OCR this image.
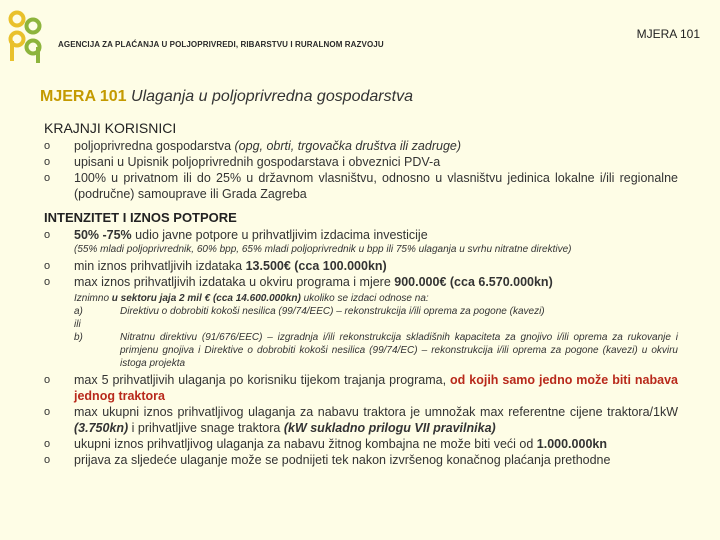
AGENCIJA ZA PLAĆANJA U POLJOPRIVREDI, RIBARSTVU I RURALNOM RAZVOJU
MJERA 101
MJERA 101 Ulaganja u poljoprivredna gospodarstva
KRAJNJI KORISNICI
o poljoprivredna gospodarstva (opg, obrti, trgovačka društva ili zadruge)
o upisani u Upisnik poljoprivrednih gospodarstava i obveznici PDV-a
o 100% u privatnom ili do 25% u državnom vlasništvu, odnosno u vlasništvu jedinica lokalne i/ili regionalne (područne) samouprave ili Grada Zagreba
INTENZITET I IZNOS POTPORE
o 50% -75% udio javne potpore u prihvatljivim izdacima investicije
(55% mladi poljoprivrednik, 60% bpp, 65% mladi poljoprivrednik u bpp ili 75% ulaganja u svrhu nitratne direktive)
o min iznos prihvatljivih izdataka 13.500€ (cca 100.000kn)
o max iznos prihvatljivih izdataka u okviru programa i mjere 900.000€ (cca 6.570.000kn)
Iznimno u sektoru jaja 2 mil € (cca 14.600.000kn) ukoliko se izdaci odnose na:
a)	Direktivu o dobrobiti kokoši nesilica (99/74/EEC) – rekonstrukcija i/ili oprema za pogone (kavezi)
ili
b)	Nitratnu direktivu (91/676/EEC) – izgradnja i/ili rekonstrukcija skladišnih kapaciteta za gnojivo i/ili oprema za rukovanje i primjenu gnojiva i Direktive o dobrobiti kokoši nesilica (99/74/EC) – rekonstrukcija i/ili oprema za pogone (kavezi) u okviru istoga projekta
o max 5 prihvatljivih ulaganja po korisniku tijekom trajanja programa, od kojih samo jedno može biti nabava jednog traktora
o max ukupni iznos prihvatljivog ulaganja za nabavu traktora je umnožak max referentne cijene traktora/1kW (3.750kn) i prihvatljive snage traktora (kW sukladno prilogu VII pravilnika)
o ukupni iznos prihvatljivog ulaganja za nabavu žitnog kombajna ne može biti veći od 1.000.000kn
o prijava za sljedeće ulaganje može se podnijeti tek nakon izvršenog konačnog plaćanja prethodne
